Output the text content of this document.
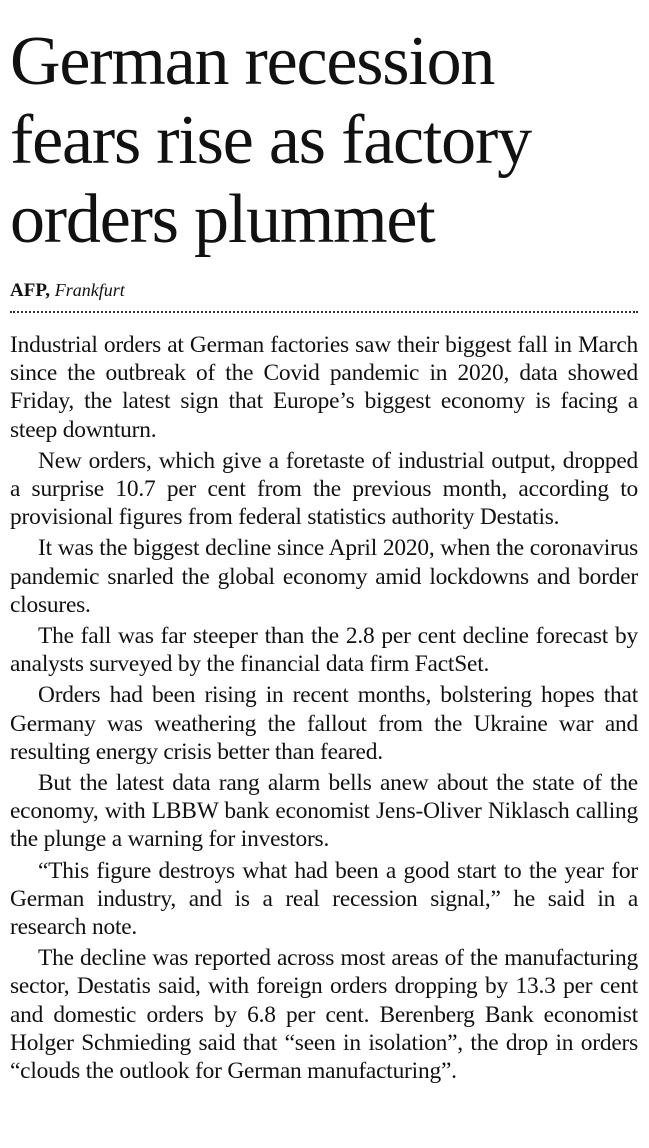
German recession fears rise as factory orders plummet
AFP, Frankfurt

Industrial orders at German factories saw their biggest fall in March since the outbreak of the Covid pandemic in 2020, data showed Friday, the latest sign that Europe’s biggest economy is facing a steep downturn.

New orders, which give a foretaste of industrial output, dropped a surprise 10.7 per cent from the previous month, according to provisional figures from federal statistics authority Destatis.

It was the biggest decline since April 2020, when the coronavirus pandemic snarled the global economy amid lockdowns and border closures.

The fall was far steeper than the 2.8 per cent decline forecast by analysts surveyed by the financial data firm FactSet.

Orders had been rising in recent months, bolstering hopes that Germany was weathering the fallout from the Ukraine war and resulting energy crisis better than feared.

But the latest data rang alarm bells anew about the state of the economy, with LBBW bank economist Jens-Oliver Niklasch calling the plunge a warning for investors.

“This figure destroys what had been a good start to the year for German industry, and is a real recession signal,” he said in a research note.

The decline was reported across most areas of the manufacturing sector, Destatis said, with foreign orders dropping by 13.3 per cent and domestic orders by 6.8 per cent. Berenberg Bank economist Holger Schmieding said that “seen in isolation”, the drop in orders “clouds the outlook for German manufacturing”.
